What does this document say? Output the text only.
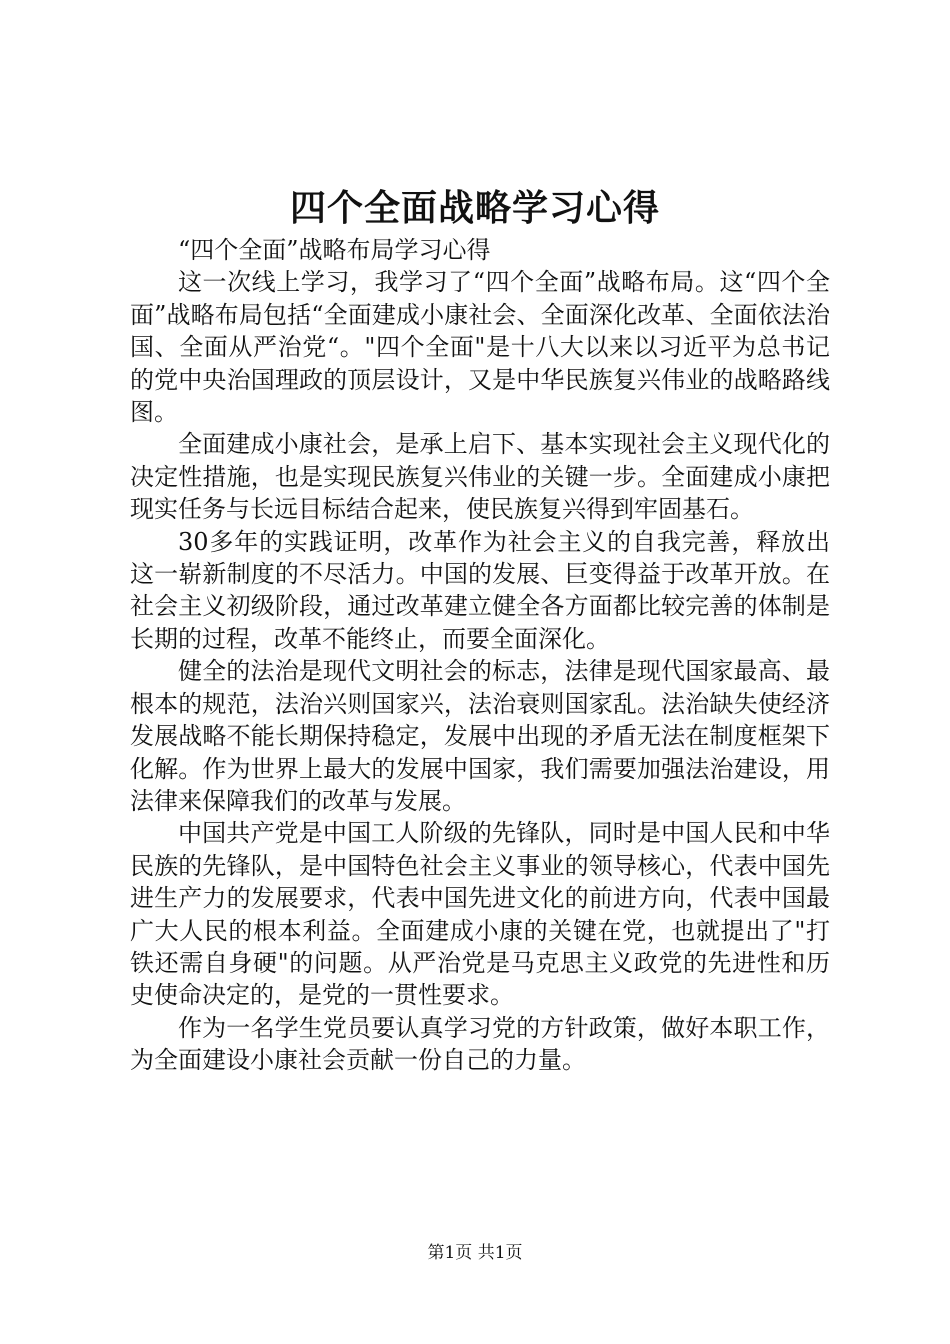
四个全面战略学习心得

“四个全面”战略布局学习心得

这一次线上学习，我学习了“四个全面”战略布局。这“四个全面”战略布局包括“全面建成小康社会、全面深化改革、全面依法治国、全面从严治党“。"四个全面"是十八大以来以习近平为总书记的党中央治国理政的顶层设计，又是中华民族复兴伟业的战略路线图。

全面建成小康社会，是承上启下、基本实现社会主义现代化的决定性措施，也是实现民族复兴伟业的关键一步。全面建成小康把现实任务与长远目标结合起来，使民族复兴得到牢固基石。

30多年的实践证明，改革作为社会主义的自我完善，释放出这一崭新制度的不尽活力。中国的发展、巨变得益于改革开放。在社会主义初级阶段，通过改革建立健全各方面都比较完善的体制是长期的过程，改革不能终止，而要全面深化。

健全的法治是现代文明社会的标志，法律是现代国家最高、最根本的规范，法治兴则国家兴，法治衰则国家乱。法治缺失使经济发展战略不能长期保持稳定，发展中出现的矛盾无法在制度框架下化解。作为世界上最大的发展中国家，我们需要加强法治建设，用法律来保障我们的改革与发展。

中国共产党是中国工人阶级的先锋队，同时是中国人民和中华民族的先锋队，是中国特色社会主义事业的领导核心，代表中国先进生产力的发展要求，代表中国先进文化的前进方向，代表中国最广大人民的根本利益。全面建成小康的关键在党，也就提出了"打铁还需自身硬"的问题。从严治党是马克思主义政党的先进性和历史使命决定的，是党的一贯性要求。

作为一名学生党员要认真学习党的方针政策，做好本职工作，为全面建设小康社会贡献一份自己的力量。

第1页 共1页
